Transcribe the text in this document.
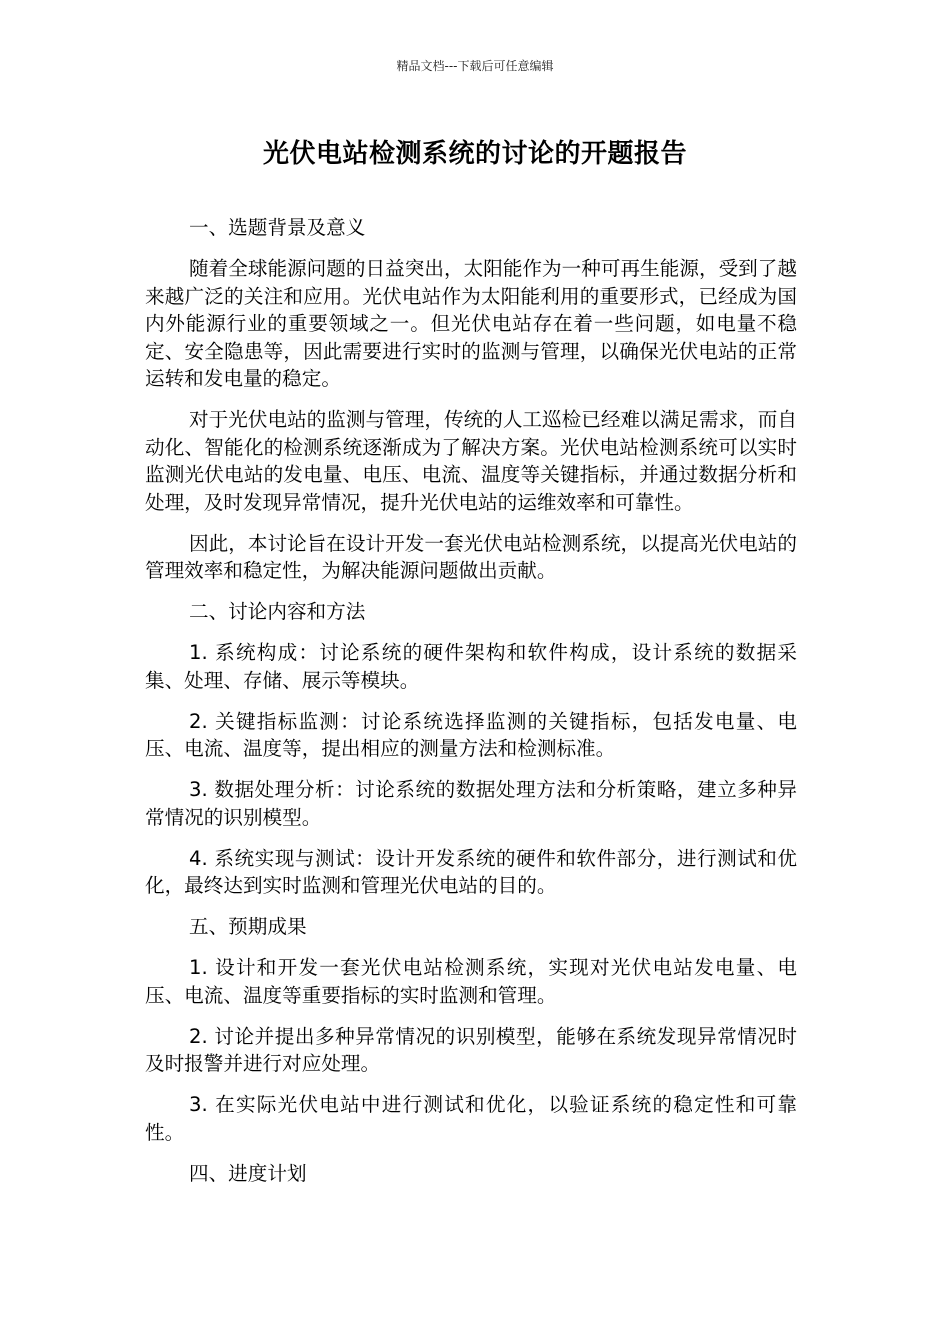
精品文档---下载后可任意编辑
光伏电站检测系统的讨论的开题报告
一、选题背景及意义

随着全球能源问题的日益突出，太阳能作为一种可再生能源，受到了越来越广泛的关注和应用。光伏电站作为太阳能利用的重要形式，已经成为国内外能源行业的重要领域之一。但光伏电站存在着一些问题，如电量不稳定、安全隐患等，因此需要进行实时的监测与管理，以确保光伏电站的正常运转和发电量的稳定。

对于光伏电站的监测与管理，传统的人工巡检已经难以满足需求，而自动化、智能化的检测系统逐渐成为了解决方案。光伏电站检测系统可以实时监测光伏电站的发电量、电压、电流、温度等关键指标，并通过数据分析和处理，及时发现异常情况，提升光伏电站的运维效率和可靠性。

因此，本讨论旨在设计开发一套光伏电站检测系统，以提高光伏电站的管理效率和稳定性，为解决能源问题做出贡献。

二、讨论内容和方法

1. 系统构成：讨论系统的硬件架构和软件构成，设计系统的数据采集、处理、存储、展示等模块。

2. 关键指标监测：讨论系统选择监测的关键指标，包括发电量、电压、电流、温度等，提出相应的测量方法和检测标准。

3. 数据处理分析：讨论系统的数据处理方法和分析策略，建立多种异常情况的识别模型。

4. 系统实现与测试：设计开发系统的硬件和软件部分，进行测试和优化，最终达到实时监测和管理光伏电站的目的。

五、预期成果

1. 设计和开发一套光伏电站检测系统，实现对光伏电站发电量、电压、电流、温度等重要指标的实时监测和管理。

2. 讨论并提出多种异常情况的识别模型，能够在系统发现异常情况时及时报警并进行对应处理。

3. 在实际光伏电站中进行测试和优化，以验证系统的稳定性和可靠性。

四、进度计划
